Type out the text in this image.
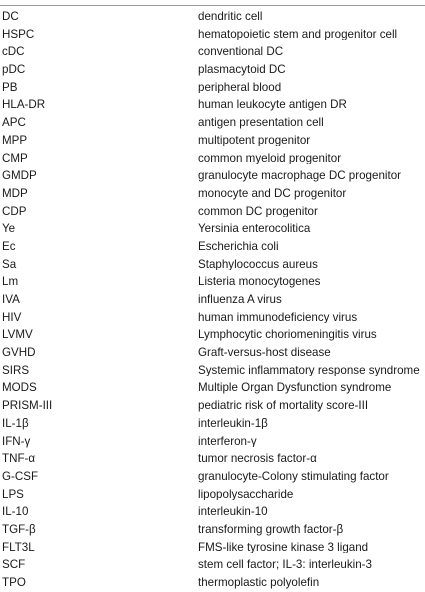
DC	dendritic cell
HSPC	hematopoietic stem and progenitor cell
cDC	conventional DC
pDC	plasmacytoid DC
PB	peripheral blood
HLA-DR	human leukocyte antigen DR
APC	antigen presentation cell
MPP	multipotent progenitor
CMP	common myeloid progenitor
GMDP	granulocyte macrophage DC progenitor
MDP	monocyte and DC progenitor
CDP	common DC progenitor
Ye	Yersinia enterocolitica
Ec	Escherichia coli
Sa	Staphylococcus aureus
Lm	Listeria monocytogenes
IVA	influenza A virus
HIV	human immunodeficiency virus
LVMV	Lymphocytic choriomeningitis virus
GVHD	Graft-versus-host disease
SIRS	Systemic inflammatory response syndrome
MODS	Multiple Organ Dysfunction syndrome
PRISM-III	pediatric risk of mortality score-III
IL-1β	interleukin-1β
IFN-γ	interferon-γ
TNF-α	tumor necrosis factor-α
G-CSF	granulocyte-Colony stimulating factor
LPS	lipopolysaccharide
IL-10	interleukin-10
TGF-β	transforming growth factor-β
FLT3L	FMS-like tyrosine kinase 3 ligand
SCF	stem cell factor; IL-3: interleukin-3
TPO	thermoplastic polyolefin
